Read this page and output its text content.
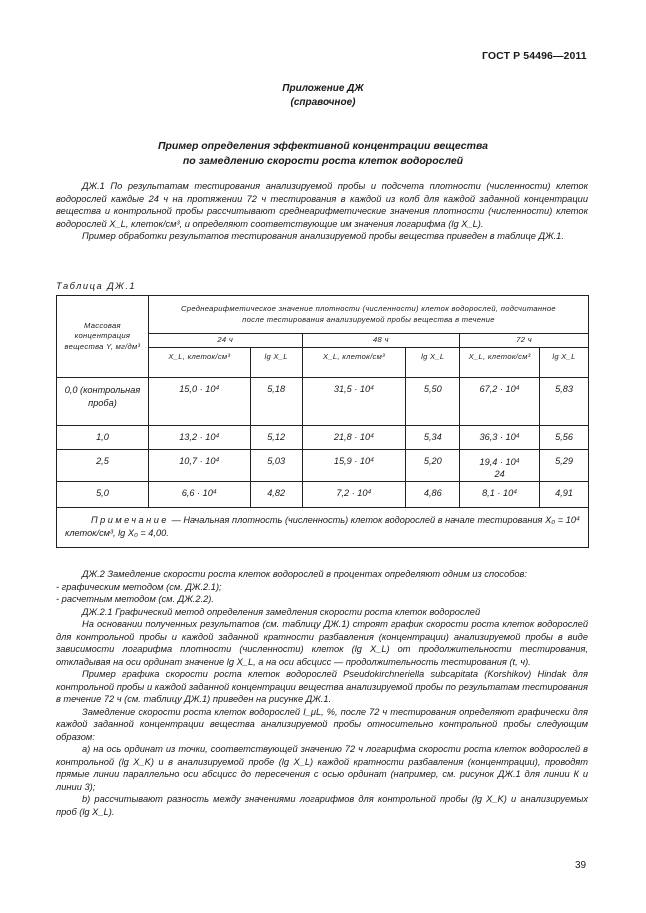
ГОСТ Р 54496—2011
Приложение ДЖ
(справочное)
Пример определения эффективной концентрации вещества
по замедлению скорости роста клеток водорослей

ДЖ.1 По результатам тестирования анализируемой пробы и подсчета плотности (численности) клеток водорослей каждые 24 ч на протяжении 72 ч тестирования в каждой из колб для каждой заданной концентрации вещества и контрольной пробы рассчитывают среднеарифметические значения плотности (численности) клеток водорослей X_L, клеток/см³, и определяют соответствующие им значения логарифма (lg X_L).

Пример обработки результатов тестирования анализируемой пробы вещества приведен в таблице ДЖ.1.

Таблица ДЖ.1
Массовая концентрация вещества Y, мг/дм³	Среднеарифметическое значение плотности (численности) клеток водорослей, подсчитанное после тестирования анализируемой пробы вещества в течение					
	24 ч		48 ч		72 ч	
	X_L, клеток/см³	lg X_L	X_L, клеток/см³	lg X_L	X_L, клеток/см³	lg X_L
0,0 (контрольная проба)	15,0 · 10⁴	5,18	31,5 · 10⁴	5,50	67,2 · 10⁴	5,83
1,0	13,2 · 10⁴	5,12	21,8 · 10⁴	5,34	36,3 · 10⁴	5,56
2,5	10,7 · 10⁴	5,03	15,9 · 10⁴	5,20	19,4 · 10⁴ 24	5,29
5,0	6,6 · 10⁴	4,82	7,2 · 10⁴	4,86	8,1 · 10⁴	4,91
Примечание — Начальная плотность (численность) клеток водорослей в начале тестирования X₀ = 10⁴ клеток/см³, lg X₀ = 4,00.						

ДЖ.2 Замедление скорости роста клеток водорослей в процентах определяют одним из способов:

- графическим методом (см. ДЖ.2.1);

- расчетным методом (см. ДЖ.2.2).

ДЖ.2.1 Графический метод определения замедления скорости роста клеток водорослей

На основании полученных результатов (см. таблицу ДЖ.1) строят график скорости роста клеток водорослей для контрольной пробы и каждой заданной кратности разбавления (концентрации) анализируемой пробы в виде зависимости логарифма плотности (численности) клеток (lg X_L) от продолжительности тестирования, откладывая на оси ординат значение lg X_L, а на оси абсцисс — продолжительность тестирования (t, ч).

Пример графика скорости роста клеток водорослей Pseudokirchneriella subcapitata (Korshikov) Hindak для контрольной пробы и каждой заданной концентрации вещества анализируемой пробы по результатам тестирования в течение 72 ч (см. таблицу ДЖ.1) приведен на рисунке ДЖ.1.

Замедление скорости роста клеток водорослей I_μL, %, после 72 ч тестирования определяют графически для каждой заданной концентрации вещества анализируемой пробы относительно контрольной пробы следующим образом:

а) на ось ординат из точки, соответствующей значению 72 ч логарифма скорости роста клеток водорослей в контрольной (lg X_K) и в анализируемой пробе (lg X_L) каждой кратности разбавления (концентрации), проводят прямые линии параллельно оси абсцисс до пересечения с осью ординат (например, см. рисунок ДЖ.1 для линии К и линии 3);

b) рассчитывают разность между значениями логарифмов для контрольной пробы (lg X_K) и анализируемых проб (lg X_L).

39
